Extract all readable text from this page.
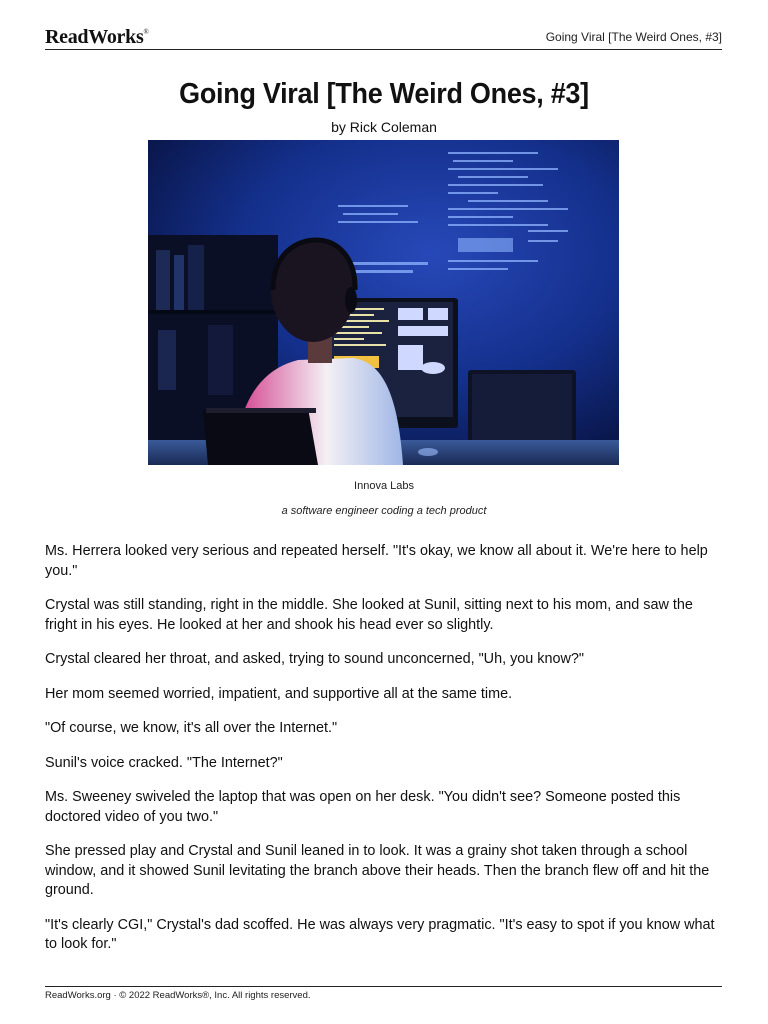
ReadWorks®	Going Viral [The Weird Ones, #3]
Going Viral [The Weird Ones, #3]
by Rick Coleman
Innova Labs
a software engineer coding a tech product

Ms. Herrera looked very serious and repeated herself. "It's okay, we know all about it. We're here to help you."

Crystal was still standing, right in the middle. She looked at Sunil, sitting next to his mom, and saw the fright in his eyes. He looked at her and shook his head ever so slightly.

Crystal cleared her throat, and asked, trying to sound unconcerned, "Uh, you know?"

Her mom seemed worried, impatient, and supportive all at the same time.

"Of course, we know, it's all over the Internet."

Sunil's voice cracked. "The Internet?"

Ms. Sweeney swiveled the laptop that was open on her desk. "You didn't see? Someone posted this doctored video of you two."

She pressed play and Crystal and Sunil leaned in to look. It was a grainy shot taken through a school window, and it showed Sunil levitating the branch above their heads. Then the branch flew off and hit the ground.

"It's clearly CGI," Crystal's dad scoffed. He was always very pragmatic. "It's easy to spot if you know what to look for."

ReadWorks.org · © 2022 ReadWorks®, Inc. All rights reserved.
